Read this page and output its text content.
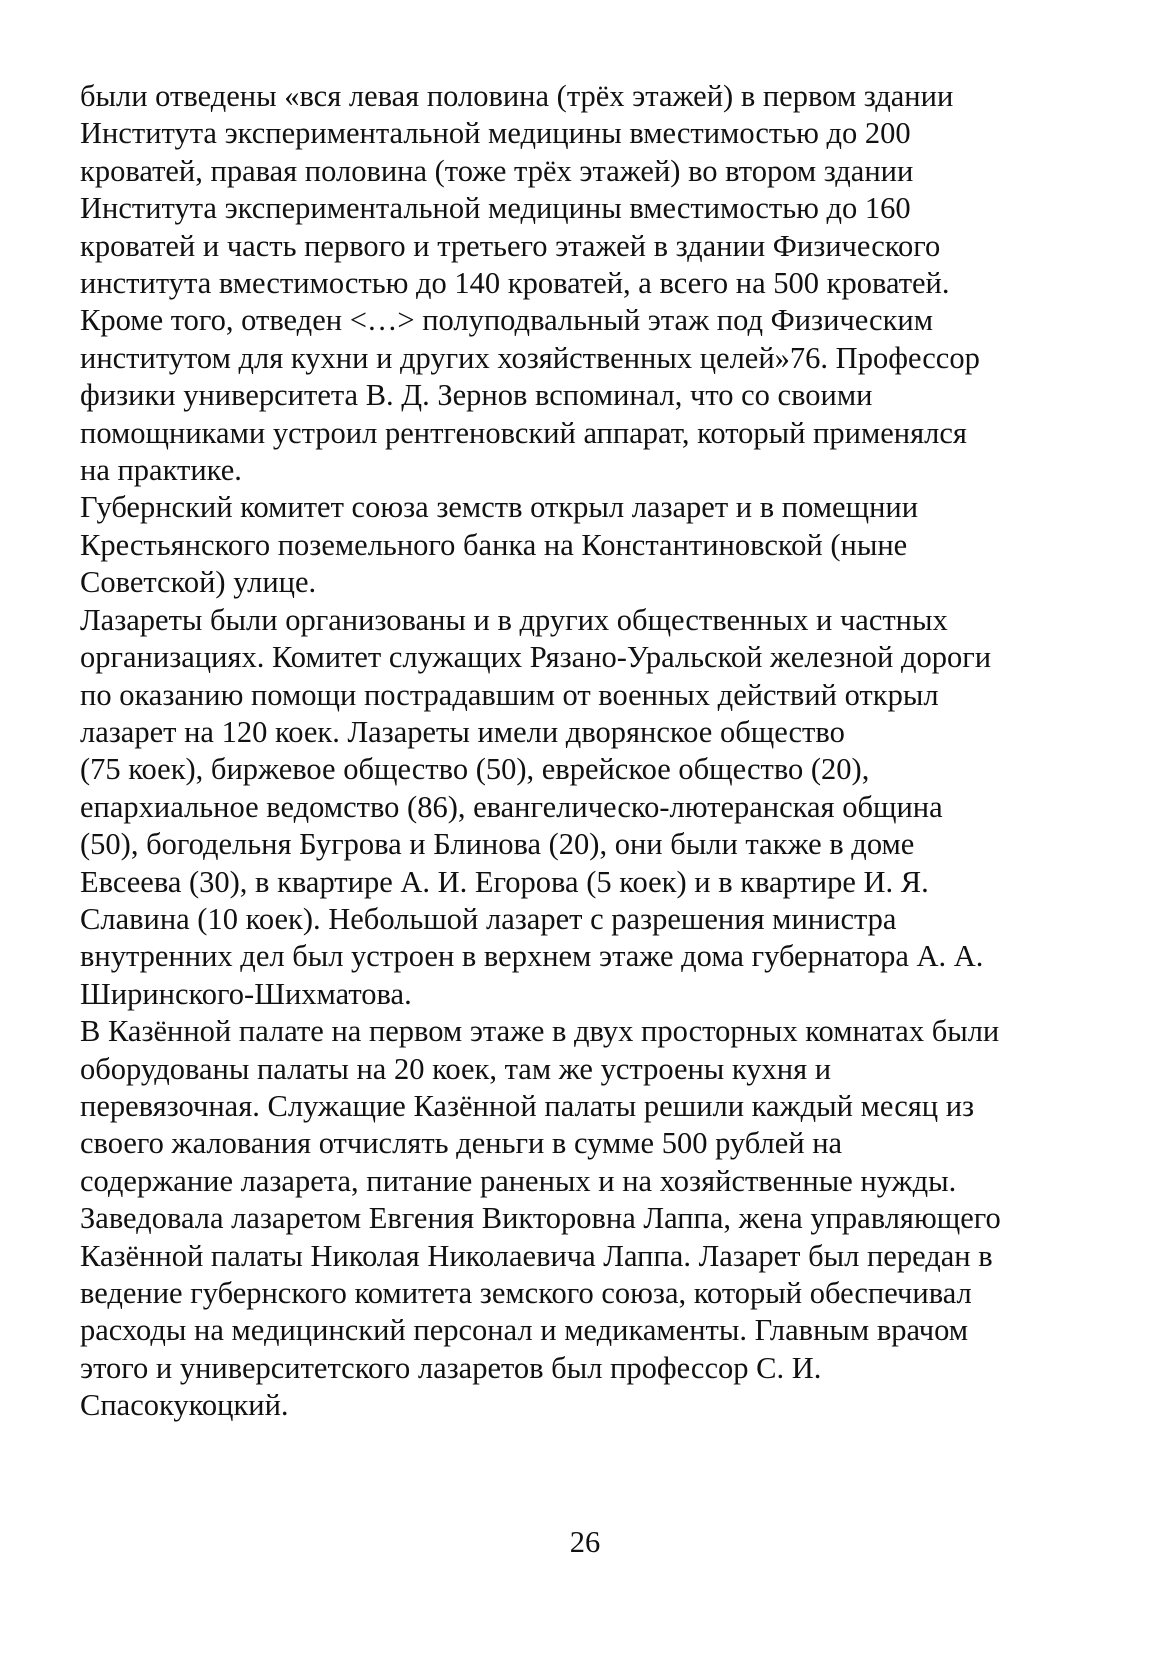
были отведены «вся левая половина (трёх этажей) в первом здании
Института экспериментальной медицины вместимостью до 200
кроватей, правая половина (тоже трёх этажей) во втором здании
Института экспериментальной медицины вместимостью до 160
кроватей и часть первого и третьего этажей в здании Физического
института вместимостью до 140 кроватей, а всего на 500 кроватей.
Кроме того, отведен <…> полуподвальный этаж под Физическим
институтом для кухни и других хозяйственных целей»76. Профессор
физики университета В. Д. Зернов вспоминал, что со своими
помощниками устроил рентгеновский аппарат, который применялся
на практике.

Губернский комитет союза земств открыл лазарет и в помещнии
Крестьянского поземельного банка на Константиновской (ныне
Советской) улице.

Лазареты были организованы и в других общественных и частных
организациях. Комитет служащих Рязано-Уральской железной дороги
по оказанию помощи пострадавшим от военных действий открыл
лазарет на 120 коек. Лазареты имели дворянское общество
(75 коек), биржевое общество (50), еврейское общество (20),
епархиальное ведомство (86), евангелическо-лютеранская община
(50), богодельня Бугрова и Блинова (20), они были также в доме
Евсеева (30), в квартире А. И. Егорова (5 коек) и в квартире И. Я.
Славина (10 коек). Небольшой лазарет с разрешения министра
внутренних дел был устроен в верхнем этаже дома губернатора А. А.
Ширинского-Шихматова.

В Казённой палате на первом этаже в двух просторных комнатах были
оборудованы палаты на 20 коек, там же устроены кухня и
перевязочная. Служащие Казённой палаты решили каждый месяц из
своего жалования отчислять деньги в сумме 500 рублей на
содержание лазарета, питание раненых и на хозяйственные нужды.
Заведовала лазаретом Евгения Викторовна Лаппа, жена управляющего
Казённой палаты Николая Николаевича Лаппа. Лазарет был передан в
ведение губернского комитета земского союза, который обеспечивал
расходы на медицинский персонал и медикаменты. Главным врачом
этого и университетского лазаретов был профессор С. И.
Спасокукоцкий.

26
